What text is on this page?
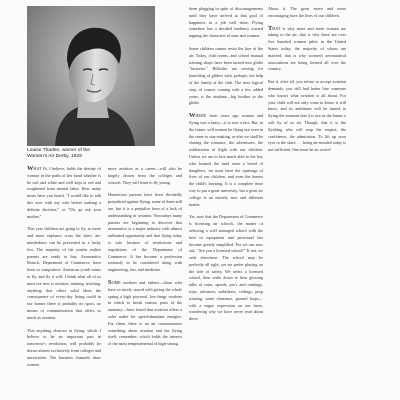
Louise Thaden, winner of the
Women's Air Derby, 1929

WHAT IS, I believe, holds the destiny of woman in the paths of her hand whether is be soft and white and well kept or red and roughened from menial labor. How many times have you heard, "I would like to talk this over with my wife before making a definite decision," or "Oh, go ask your mother."

This year children are going to fly, as more and more airplanes cross the skies, air-mindedness can be prevented in a lucky few. The majority of the youths realize parents are ready to buy. Aeronautics Branch, Department of Commerce, have been so compulsive. American youth wants to fly, and fly it will. I think what all of us must see now is aviation, training, teaching, anything that offers solid ideas the consequence of every-day living could in our homes there is probably no sport, no means of communication that offers so much as aviation.

This anything obstruct in flying, which I believe to be an important part in tomorrow's revolution, will probably be drawn almost exclusively from colleges and universities. The business channels draw women

more aviation as a career—will also be largely drawn from the colleges and schools. They will learn to fly young.

Hometown parents have been decidedly prejudiced against flying, some of them still are, but it is a prejudice born of a lack of understanding of aviation. Nowadays many parents are beginning to discover that aeronautics is a major industry with almost unlimited opportunity and that flying today is safe because of restrictions and regulations of the Department of Commerce. It has become a profession seriously to be considered along with engineering, law, and medicine.

SOME mothers and fathers—those who have so nicely stayed with giving the whole spring a high powered, low-fangy roadster in which to break various parts of the anatomy—have found that aviation offers a safer outlet for speed-abundant energies. For them, there is an air commonsense something about aviation and the flying itself, remember; which holds the interest of the most temperamental of high-strung,

them plugging in spite of discouragements until they have arrived at that goal of happiness in a job well done. Flying somehow has a decided tendency toward tapping the characters of men and women.

Some children cannot resist the lure of the air. Today, club rooms, and school manual training shops have been turned into glider "factories." Hillsides are serving for launching of gliders with, perhaps, the help of the family at the club. The next logical step, of course, coming with a few added years, is the airplane—big brother to the glider.

WHERE from years ago women and flying was a fancy—it is now a fact. But, in the future, will women be flying not even in the same to stay-making, or else we shall be sharing the romance, the adventures, the exhilaration of flight with our children. Unless we are to lose much able to the boy who learned the hard route a breed of daughters, we must have the openings of lives of our children, and even the homes the child's learning. It is a complete rinse way to put a great university, but a great air college is an entirely new and different matter.

Yet, now that the Department of Commerce is licensing air schools, the matter of selecting a well managed school with the best in equipment and personnel has become greatly simplified. For we can now ask, "Are you a licensed school?" If not, we seek elsewhere. The school may be perfectly all right, yet we prefer playing on the side of safety. We select a licensed school, then settle down to hear glowing talks of rates, speeds, pro's and rankings, trips, advances, stabilizers, ceilings, prop rotating, some clearance, ground loops—with a vague expression on our faces, wondering why we have never read about these.

About it. The great move and more encouraging have the lives of our children.

THAT is why more and more women are taking to the air, that is why there are over five hundred women pilots in the United States today, the majority of whom are married; that is why women's aeronautical associations are being formed all over the country.

But if, after all, you refuse to accept aviation demands, you still had better hire someone who knows what aviation is all about. For your child will not only come to know, it will know, and its ambitions will be turned to flying the moment that it is not as the harms a will by of as air. Though, that it is the flyalting who will reap the respect, the confidence, the admiration. To lift up your eyes to the skies . . . being air-minded today is not sufficient. One must be air active!
